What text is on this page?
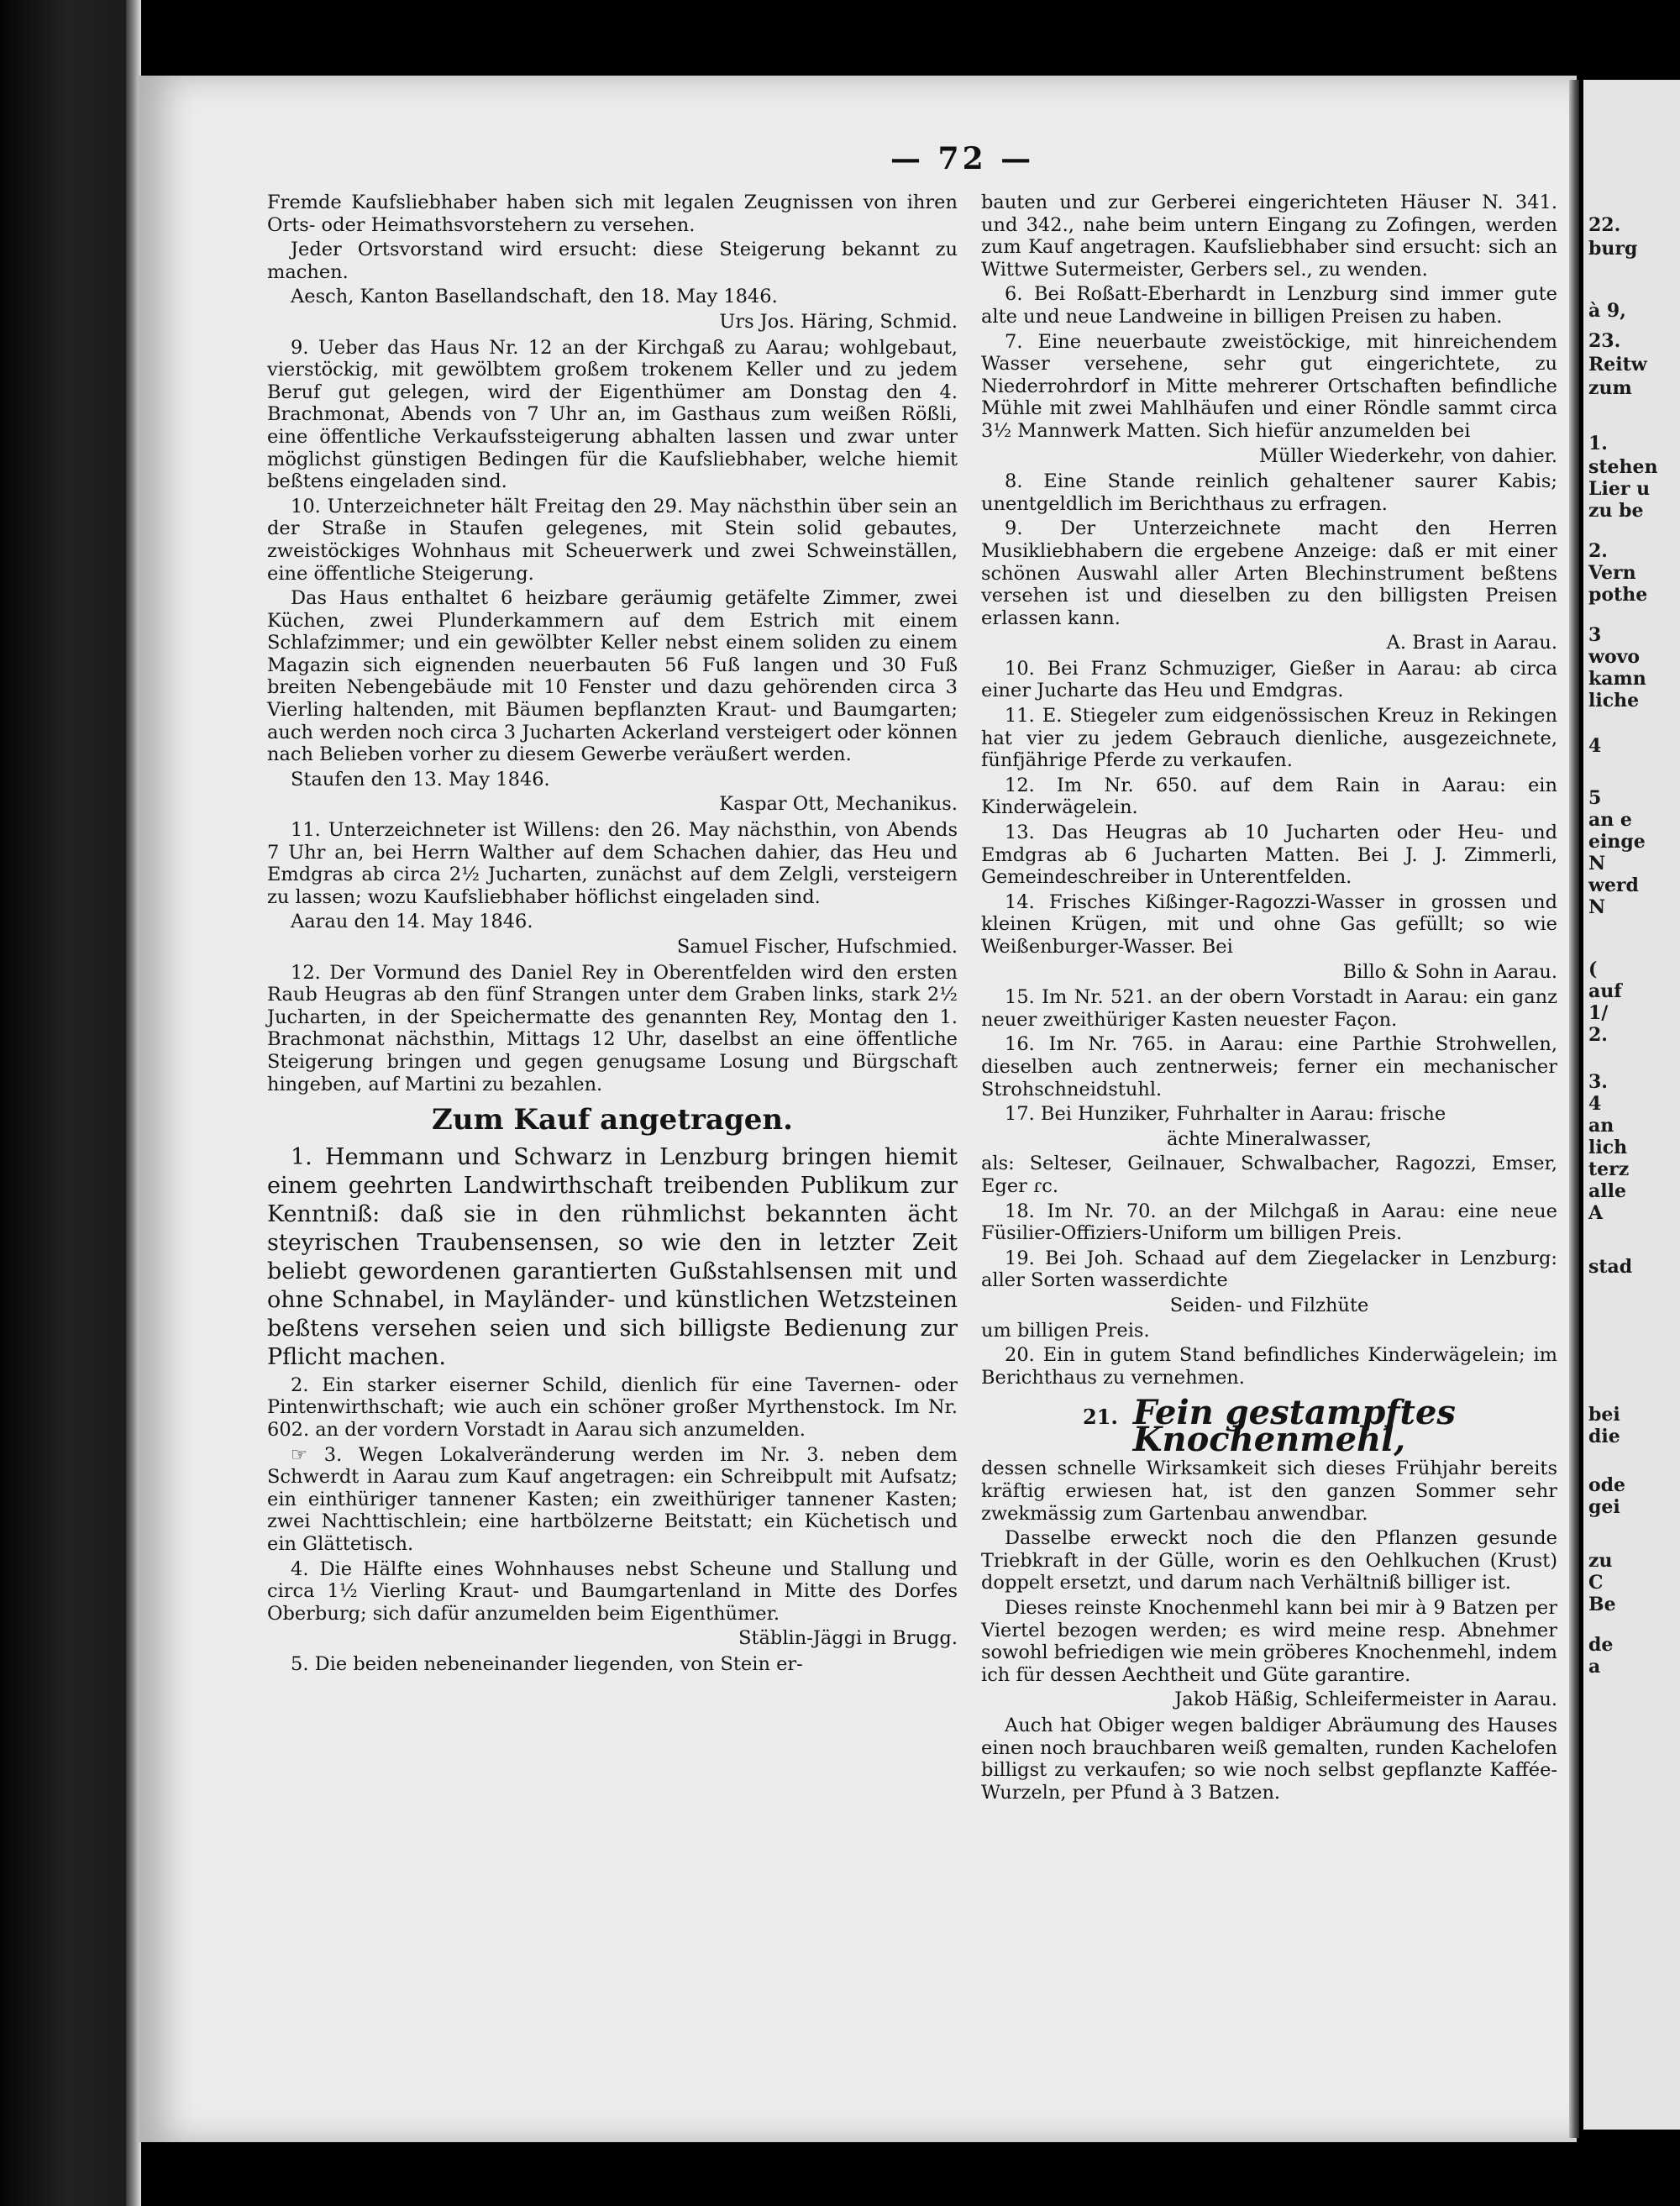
22.
burg
à 9,
23.
Reitw
zum
1.
stehen
Lier u
zu be
2.
Vern
pothe
3
wovo
kamn
liche
4
5
an e
einge
N
werd
N
(
auf
1/
2.
3.
4
an
lich
terz
alle
A
stad
bei
die
ode
gei
zu
C
Be
de
a
— 72 —

Fremde Kaufsliebhaber haben sich mit legalen Zeugnissen von ihren Orts- oder Heimathsvorstehern zu versehen.

Jeder Ortsvorstand wird ersucht: diese Steigerung bekannt zu machen.

Aesch, Kanton Basellandschaft, den 18. May 1846.

Urs Jos. Häring, Schmid.

9. Ueber das Haus Nr. 12 an der Kirchgaß zu Aarau; wohlgebaut, vierstöckig, mit gewölbtem großem trokenem Keller und zu jedem Beruf gut gelegen, wird der Eigenthümer am Donstag den 4. Brachmonat, Abends von 7 Uhr an, im Gasthaus zum weißen Rößli, eine öffentliche Verkaufssteigerung abhalten lassen und zwar unter möglichst günstigen Bedingen für die Kaufsliebhaber, welche hiemit beßtens eingeladen sind.

10. Unterzeichneter hält Freitag den 29. May nächsthin über sein an der Straße in Staufen gelegenes, mit Stein solid gebautes, zweistöckiges Wohnhaus mit Scheuerwerk und zwei Schweinställen, eine öffentliche Steigerung.

Das Haus enthaltet 6 heizbare geräumig getäfelte Zimmer, zwei Küchen, zwei Plunderkammern auf dem Estrich mit einem Schlafzimmer; und ein gewölbter Keller nebst einem soliden zu einem Magazin sich eignenden neuerbauten 56 Fuß langen und 30 Fuß breiten Nebengebäude mit 10 Fenster und dazu gehörenden circa 3 Vierling haltenden, mit Bäumen bepflanzten Kraut- und Baumgarten; auch werden noch circa 3 Jucharten Ackerland versteigert oder können nach Belieben vorher zu diesem Gewerbe veräußert werden.

Staufen den 13. May 1846.

Kaspar Ott, Mechanikus.

11. Unterzeichneter ist Willens: den 26. May nächsthin, von Abends 7 Uhr an, bei Herrn Walther auf dem Schachen dahier, das Heu und Emdgras ab circa 2½ Jucharten, zunächst auf dem Zelgli, versteigern zu lassen; wozu Kaufsliebhaber höflichst eingeladen sind.

Aarau den 14. May 1846.

Samuel Fischer, Hufschmied.

12. Der Vormund des Daniel Rey in Oberentfelden wird den ersten Raub Heugras ab den fünf Strangen unter dem Graben links, stark 2½ Jucharten, in der Speichermatte des genannten Rey, Montag den 1. Brachmonat nächsthin, Mittags 12 Uhr, daselbst an eine öffentliche Steigerung bringen und gegen genugsame Losung und Bürgschaft hingeben, auf Martini zu bezahlen.

Zum Kauf angetragen.

1. Hemmann und Schwarz in Lenzburg bringen hiemit einem geehrten Landwirthschaft treibenden Publikum zur Kenntniß: daß sie in den rühmlichst bekannten ächt steyrischen Traubensensen, so wie den in letzter Zeit beliebt gewordenen garantierten Gußstahlsensen mit und ohne Schnabel, in Mayländer- und künstlichen Wetzsteinen beßtens versehen seien und sich billigste Bedienung zur Pflicht machen.

2. Ein starker eiserner Schild, dienlich für eine Tavernen- oder Pintenwirthschaft; wie auch ein schöner großer Myrthenstock. Im Nr. 602. an der vordern Vorstadt in Aarau sich anzumelden.

☞ 3. Wegen Lokalveränderung werden im Nr. 3. neben dem Schwerdt in Aarau zum Kauf angetragen: ein Schreibpult mit Aufsatz; ein einthüriger tannener Kasten; ein zweithüriger tannener Kasten; zwei Nachttischlein; eine hartbölzerne Beitstatt; ein Küchetisch und ein Glättetisch.

4. Die Hälfte eines Wohnhauses nebst Scheune und Stallung und circa 1½ Vierling Kraut- und Baumgartenland in Mitte des Dorfes Oberburg; sich dafür anzumelden beim Eigenthümer.

Stäblin-Jäggi in Brugg.

5. Die beiden nebeneinander liegenden, von Stein er-

bauten und zur Gerberei eingerichteten Häuser N. 341. und 342., nahe beim untern Eingang zu Zofingen, werden zum Kauf angetragen. Kaufsliebhaber sind ersucht: sich an Wittwe Sutermeister, Gerbers sel., zu wenden.

6. Bei Roßatt-Eberhardt in Lenzburg sind immer gute alte und neue Landweine in billigen Preisen zu haben.

7. Eine neuerbaute zweistöckige, mit hinreichendem Wasser versehene, sehr gut eingerichtete, zu Niederrohrdorf in Mitte mehrerer Ortschaften befindliche Mühle mit zwei Mahlhäufen und einer Röndle sammt circa 3½ Mannwerk Matten. Sich hiefür anzumelden bei

Müller Wiederkehr, von dahier.

8. Eine Stande reinlich gehaltener saurer Kabis; unentgeldlich im Berichthaus zu erfragen.

9. Der Unterzeichnete macht den Herren Musikliebhabern die ergebene Anzeige: daß er mit einer schönen Auswahl aller Arten Blechinstrument beßtens versehen ist und dieselben zu den billigsten Preisen erlassen kann.

A. Brast in Aarau.

10. Bei Franz Schmuziger, Gießer in Aarau: ab circa einer Jucharte das Heu und Emdgras.

11. E. Stiegeler zum eidgenössischen Kreuz in Rekingen hat vier zu jedem Gebrauch dienliche, ausgezeichnete, fünfjährige Pferde zu verkaufen.

12. Im Nr. 650. auf dem Rain in Aarau: ein Kinderwägelein.

13. Das Heugras ab 10 Jucharten oder Heu- und Emdgras ab 6 Jucharten Matten. Bei J. J. Zimmerli, Gemeindeschreiber in Unterentfelden.

14. Frisches Kißinger-Ragozzi-Wasser in grossen und kleinen Krügen, mit und ohne Gas gefüllt; so wie Weißenburger-Wasser. Bei

Billo & Sohn in Aarau.

15. Im Nr. 521. an der obern Vorstadt in Aarau: ein ganz neuer zweithüriger Kasten neuester Façon.

16. Im Nr. 765. in Aarau: eine Parthie Strohwellen, dieselben auch zentnerweis; ferner ein mechanischer Strohschneidstuhl.

17. Bei Hunziker, Fuhrhalter in Aarau: frische

ächte Mineralwasser,

als: Selteser, Geilnauer, Schwalbacher, Ragozzi, Emser, Eger ɾc.

18. Im Nr. 70. an der Milchgaß in Aarau: eine neue Füsilier-Offiziers-Uniform um billigen Preis.

19. Bei Joh. Schaad auf dem Ziegelacker in Lenzburg: aller Sorten wasserdichte

Seiden- und Filzhüte

um billigen Preis.

20. Ein in gutem Stand befindliches Kinderwägelein; im Berichthaus zu vernehmen.

21. Fein gestampftes Knochenmehl,

dessen schnelle Wirksamkeit sich dieses Frühjahr bereits kräftig erwiesen hat, ist den ganzen Sommer sehr zwekmässig zum Gartenbau anwendbar.

Dasselbe erweckt noch die den Pflanzen gesunde Triebkraft in der Gülle, worin es den Oehlkuchen (Krust) doppelt ersetzt, und darum nach Verhältniß billiger ist.

Dieses reinste Knochenmehl kann bei mir à 9 Batzen per Viertel bezogen werden; es wird meine resp. Abnehmer sowohl befriedigen wie mein gröberes Knochenmehl, indem ich für dessen Aechtheit und Güte garantire.

Jakob Häßig, Schleifermeister in Aarau.

Auch hat Obiger wegen baldiger Abräumung des Hauses einen noch brauchbaren weiß gemalten, runden Kachelofen billigst zu verkaufen; so wie noch selbst gepflanzte Kaffée-Wurzeln, per Pfund à 3 Batzen.
